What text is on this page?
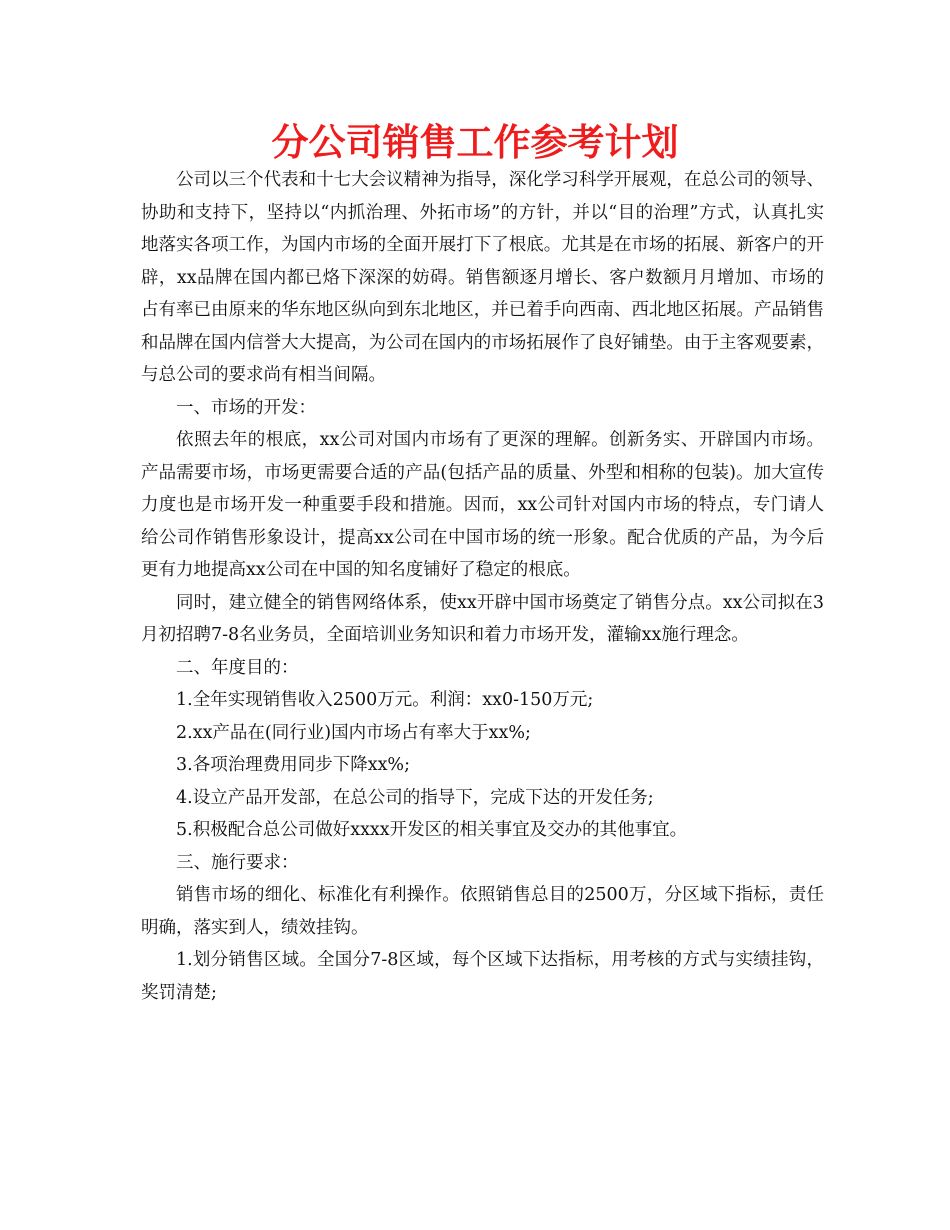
分公司销售工作参考计划

公司以三个代表和十七大会议精神为指导，深化学习科学开展观，在总公司的领导、协助和支持下，坚持以“内抓治理、外拓市场”的方针，并以“目的治理”方式，认真扎实地落实各项工作，为国内市场的全面开展打下了根底。尤其是在市场的拓展、新客户的开辟，xx品牌在国内都已烙下深深的妨碍。销售额逐月增长、客户数额月月增加、市场的占有率已由原来的华东地区纵向到东北地区，并已着手向西南、西北地区拓展。产品销售和品牌在国内信誉大大提高，为公司在国内的市场拓展作了良好铺垫。由于主客观要素，与总公司的要求尚有相当间隔。

一、市场的开发：

依照去年的根底，xx公司对国内市场有了更深的理解。创新务实、开辟国内市场。产品需要市场，市场更需要合适的产品(包括产品的质量、外型和相称的包装)。加大宣传力度也是市场开发一种重要手段和措施。因而，xx公司针对国内市场的特点，专门请人给公司作销售形象设计，提高xx公司在中国市场的统一形象。配合优质的产品，为今后更有力地提高xx公司在中国的知名度铺好了稳定的根底。

同时，建立健全的销售网络体系，使xx开辟中国市场奠定了销售分点。xx公司拟在3月初招聘7-8名业务员，全面培训业务知识和着力市场开发，灌输xx施行理念。

二、年度目的：

1.全年实现销售收入2500万元。利润：xx0-150万元;

2.xx产品在(同行业)国内市场占有率大于xx%;

3.各项治理费用同步下降xx%;

4.设立产品开发部，在总公司的指导下，完成下达的开发任务;

5.积极配合总公司做好xxxx开发区的相关事宜及交办的其他事宜。

三、施行要求：

销售市场的细化、标准化有利操作。依照销售总目的2500万，分区域下指标，责任明确，落实到人，绩效挂钩。

1.划分销售区域。全国分7-8区域，每个区域下达指标，用考核的方式与实绩挂钩，奖罚清楚;
